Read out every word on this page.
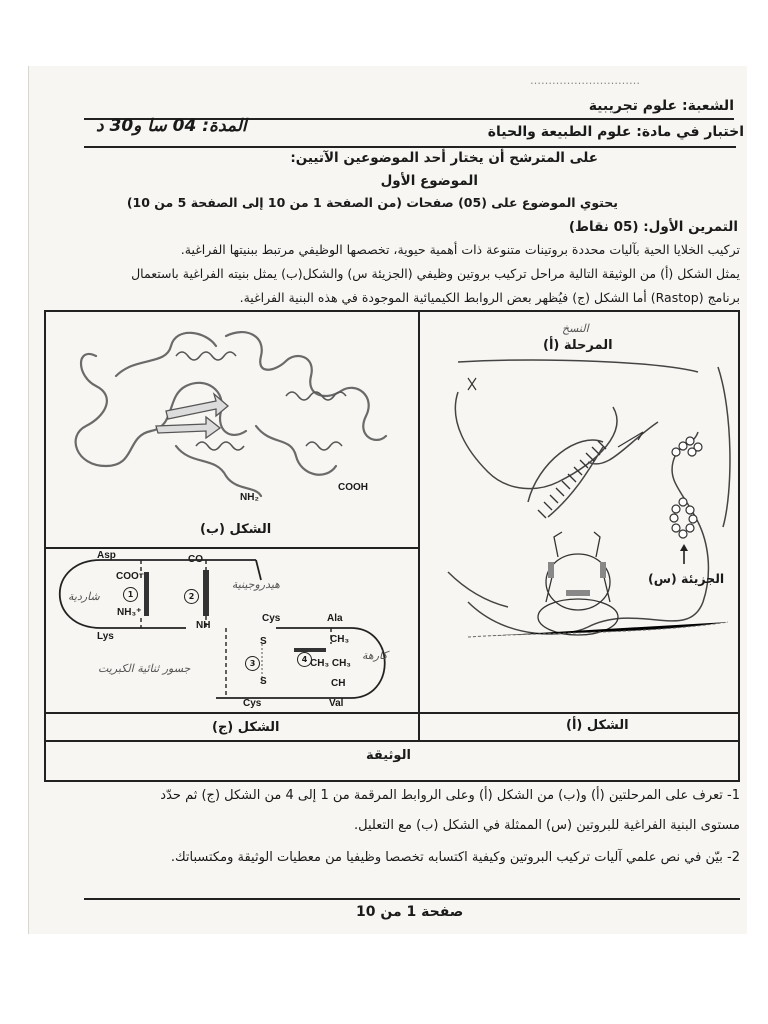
…………………………
الشعبة: علوم تجريبية
اختبار في مادة: علوم الطبيعة والحياة
المدة: 04 سا و30 د
على المترشح أن يختار أحد الموضوعين الآتيين:
الموضوع الأول
يحتوي الموضوع على (05) صفحات (من الصفحة 1 من 10 إلى الصفحة 5 من 10)
التمرين الأول: (05 نقاط)
تركيب الخلايا الحية بآليات محددة بروتينات متنوعة ذات أهمية حيوية، تخصصها الوظيفي مرتبط ببنيتها الفراغية.
يمثل الشكل (أ) من الوثيقة التالية مراحل تركيب بروتين وظيفي (الجزيئة س) والشكل(ب) يمثل بنيته الفراغية باستعمال
برنامج (Rastop) أما الشكل (ج) فيُظهر بعض الروابط الكيميائية الموجودة في هذه البنية الفراغية.
NH₂
COOH
الشكل (ب)
النسخ
المرحلة (أ)
الجزيئة (س)
الشكل (أ)
Asp	CO
COO⁻
NH₃⁺
Lys
NH
Cys	Ala
CH₃
S
S
CH₃ CH₃
CH
Cys	Val
1	2
3	4
شاردية
هيدروجينية
جسور ثنائية الكبريت
كارهة
الشكل (ج)
الوثيقة
1- تعرف على المرحلتين (أ) و(ب) من الشكل (أ) وعلى الروابط المرقمة من 1 إلى 4 من الشكل (ج) ثم حدّد
مستوى البنية الفراغية للبروتين (س) الممثلة في الشكل (ب) مع التعليل.
2- بيّن في نص علمي آليات تركيب البروتين وكيفية اكتسابه تخصصا وظيفيا من معطيات الوثيقة ومكتسباتك.
صفحة 1 من 10
